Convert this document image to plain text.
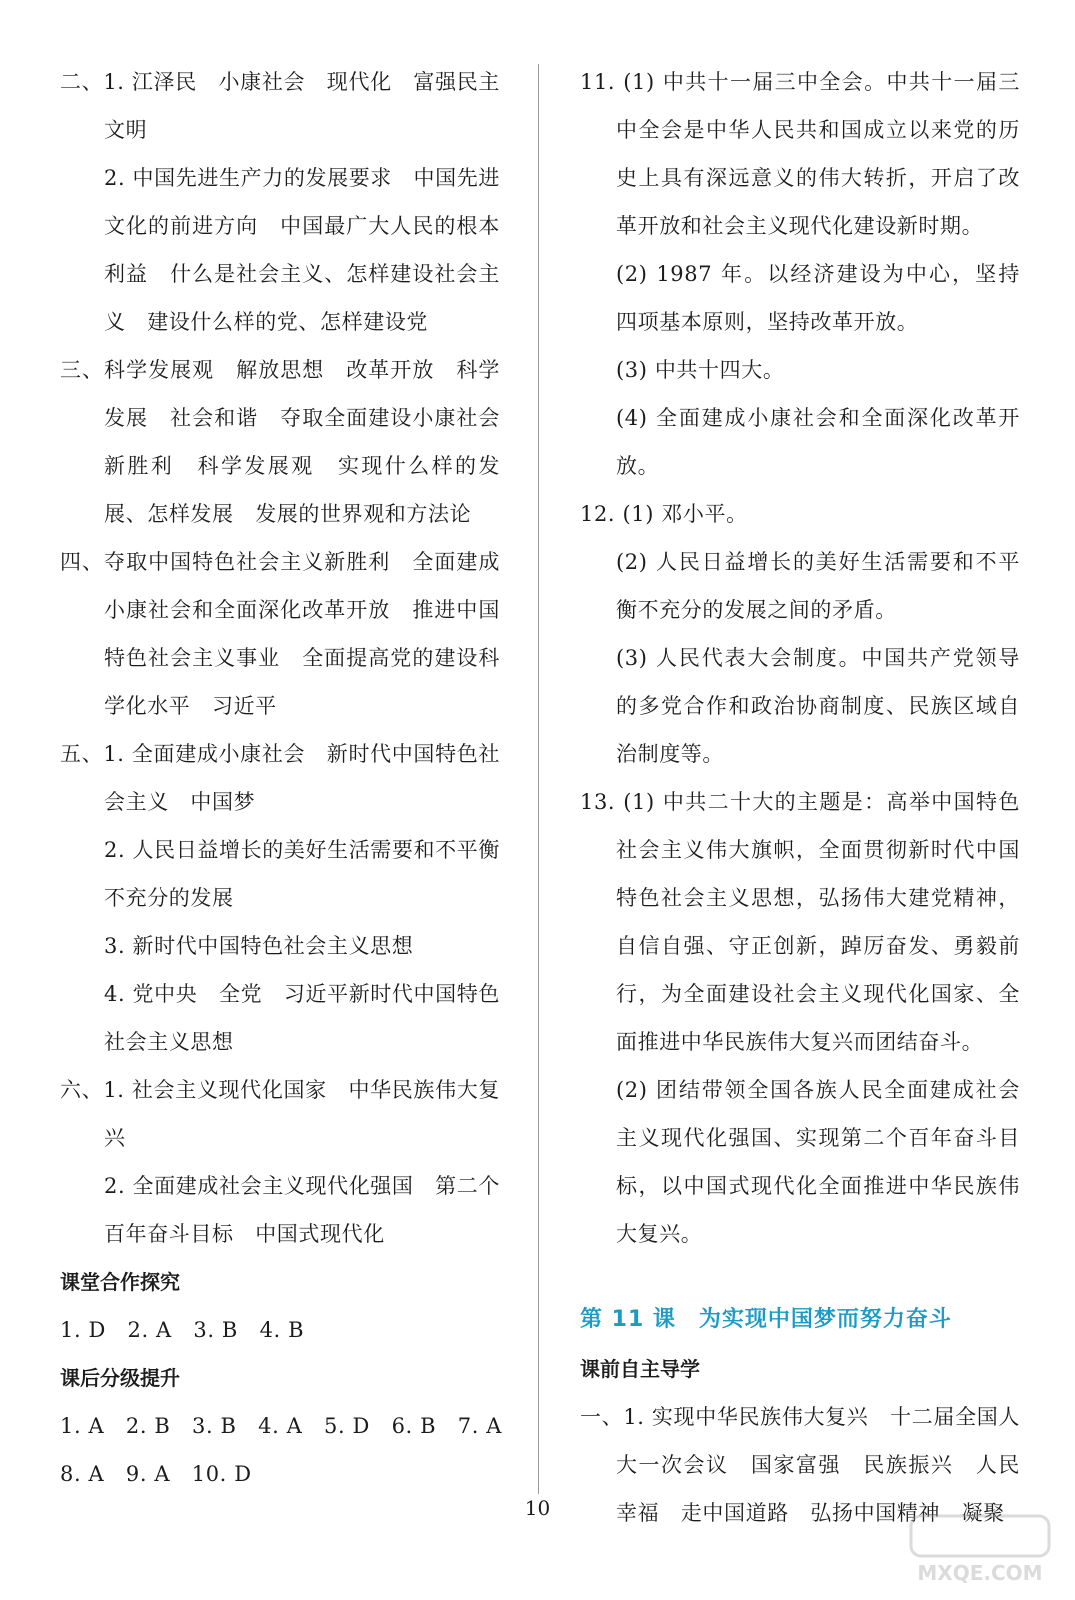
二、1. 江泽民　小康社会　现代化　富强民主文明
2. 中国先进生产力的发展要求　中国先进文化的前进方向　中国最广大人民的根本利益　什么是社会主义、怎样建设社会主义　建设什么样的党、怎样建设党
三、科学发展观　解放思想　改革开放　科学发展　社会和谐　夺取全面建设小康社会新胜利　科学发展观　实现什么样的发展、怎样发展　发展的世界观和方法论
四、夺取中国特色社会主义新胜利　全面建成小康社会和全面深化改革开放　推进中国特色社会主义事业　全面提高党的建设科学化水平　习近平
五、1. 全面建成小康社会　新时代中国特色社会主义　中国梦
2. 人民日益增长的美好生活需要和不平衡不充分的发展
3. 新时代中国特色社会主义思想
4. 党中央　全党　习近平新时代中国特色社会主义思想
六、1. 社会主义现代化国家　中华民族伟大复兴
2. 全面建成社会主义现代化强国　第二个百年奋斗目标　中国式现代化
课堂合作探究
1. D　2. A　3. B　4. B
课后分级提升
1. A　2. B　3. B　4. A　5. D　6. B　7. A
8. A　9. A　10. D
11. (1) 中共十一届三中全会。中共十一届三中全会是中华人民共和国成立以来党的历史上具有深远意义的伟大转折，开启了改革开放和社会主义现代化建设新时期。
(2) 1987 年。以经济建设为中心，坚持四项基本原则，坚持改革开放。
(3) 中共十四大。
(4) 全面建成小康社会和全面深化改革开放。
12. (1) 邓小平。
(2) 人民日益增长的美好生活需要和不平衡不充分的发展之间的矛盾。
(3) 人民代表大会制度。中国共产党领导的多党合作和政治协商制度、民族区域自治制度等。
13. (1) 中共二十大的主题是：高举中国特色社会主义伟大旗帜，全面贯彻新时代中国特色社会主义思想，弘扬伟大建党精神，自信自强、守正创新，踔厉奋发、勇毅前行，为全面建设社会主义现代化国家、全面推进中华民族伟大复兴而团结奋斗。
(2) 团结带领全国各族人民全面建成社会主义现代化强国、实现第二个百年奋斗目标，以中国式现代化全面推进中华民族伟大复兴。
第 11 课　为实现中国梦而努力奋斗
课前自主导学
一、1. 实现中华民族伟大复兴　十二届全国人大一次会议　国家富强　民族振兴　人民幸福　走中国道路　弘扬中国精神　凝聚
10
MXQE.COM
